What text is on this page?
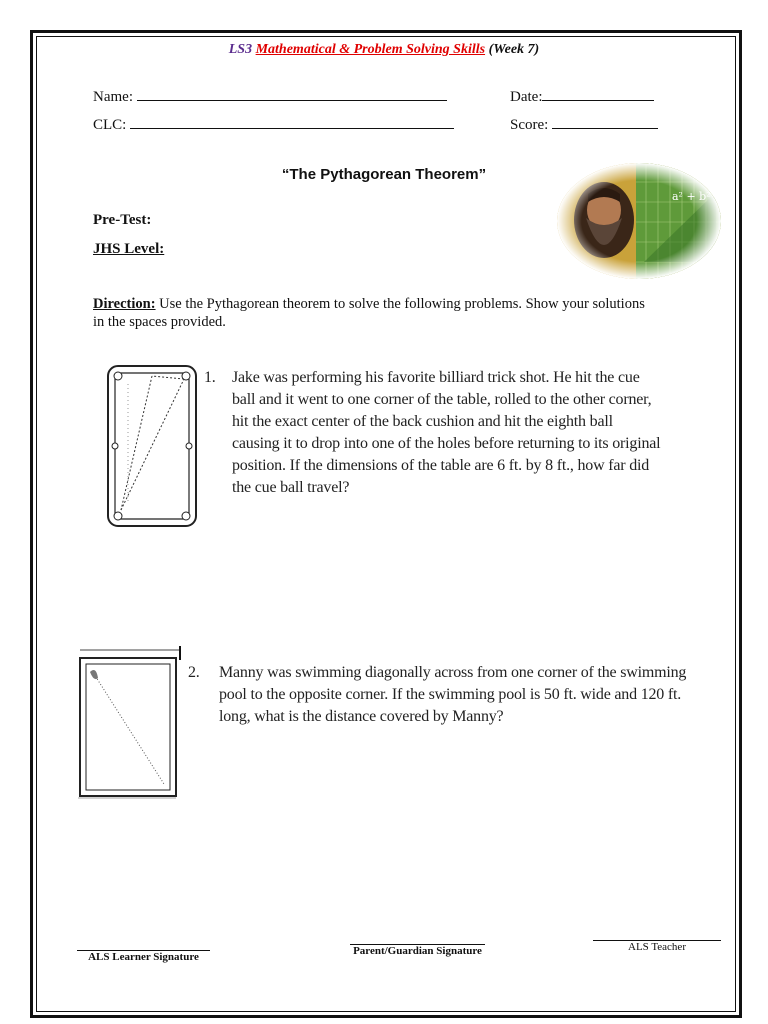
LS3 Mathematical & Problem Solving Skills (Week 7)
Name:	Date:
CLC:	Score:
“The Pythagorean Theorem”
Pre-Test:
JHS Level:
Direction: Use the Pythagorean theorem to solve the following problems. Show your solutions in the spaces provided.
1.	Jake was performing his favorite billiard trick shot. He hit the cue ball and it went to one corner of the table, rolled to the other corner, hit the exact center of the back cushion and hit the eighth ball causing it to drop into one of the holes before returning to its original position. If the dimensions of the table are 6 ft. by 8 ft., how far did the cue ball travel?
2.	Manny was swimming diagonally across from one corner of the swimming pool to the opposite corner. If the swimming pool is 50 ft. wide and 120 ft. long, what is the distance covered by Manny?
ALS Learner Signature	Parent/Guardian Signature	ALS Teacher
